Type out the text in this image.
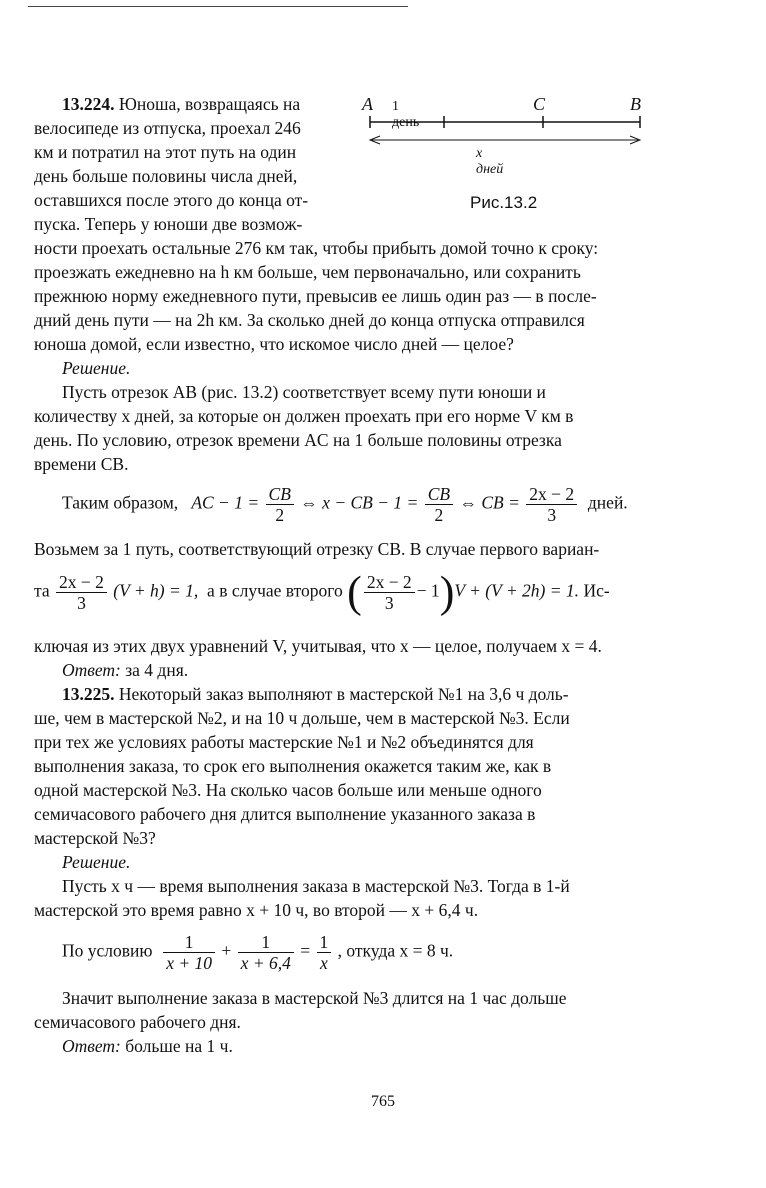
A 1 день
C	B
x дней
Рис.13.2
13.224. Юноша, возвращаясь на
велосипеде из отпуска, проехал 246
км и потратил на этот путь на один
день больше половины числа дней,
оставшихся после этого до конца от-
пуска. Теперь у юноши две возмож-
ности проехать остальные 276 км так, чтобы прибыть домой точно к сроку:
проезжать ежедневно на h км больше, чем первоначально, или сохранить
прежнюю норму ежедневного пути, превысив ее лишь один раз — в после-
дний день пути — на 2h км. За сколько дней до конца отпуска отправился
юноша домой, если известно, что искомое число дней — целое?
Решение.
Пусть отрезок AB (рис. 13.2) соответствует всему пути юноши и
количеству x дней, за которые он должен проехать при его норме V км в
день. По условию, отрезок времени AC на 1 больше половины отрезка
времени CB.
Таким образом, AC − $1 = \frac{CB}{2}$ ⇔ x − CB − $1 = \frac{CB}{2}$ ⇔ CB = $\frac{2x - 2}{3}$ дней.
Возьмем за 1 путь, соответствующий отрезку CB. В случае первого вариан-
та $\frac{2x - 2}{3} (V + h) = 1$, а в случае второго ( $\frac{2x - 2}{3} - 1)V + (V + 2h) = 1$. Ис-
ключая из этих двух уравнений V, учитывая, что x — целое, получаем x = 4.
Ответ: за 4 дня.
13.225. Некоторый заказ выполняют в мастерской №1 на 3,6 ч доль-
ше, чем в мастерской №2, и на 10 ч дольше, чем в мастерской №3. Если
при тех же условиях работы мастерские №1 и №2 объединятся для
выполнения заказа, то срок его выполнения окажется таким же, как в
одной мастерской №3. На сколько часов больше или меньше одного
семичасового рабочего дня длится выполнение указанного заказа в
мастерской №3?
Решение.
Пусть x ч — время выполнения заказа в мастерской №3. Тогда в 1-й
мастерской это время равно x + 10 ч, во второй — x + 6,4 ч.
По условию $\frac{1}{x + 10} + \frac{1}{x + 6,4} = \frac{1}{x}$ , откуда x = 8 ч.
Значит выполнение заказа в мастерской №3 длится на 1 час дольше
семичасового рабочего дня.
Ответ: больше на 1 ч.
765
